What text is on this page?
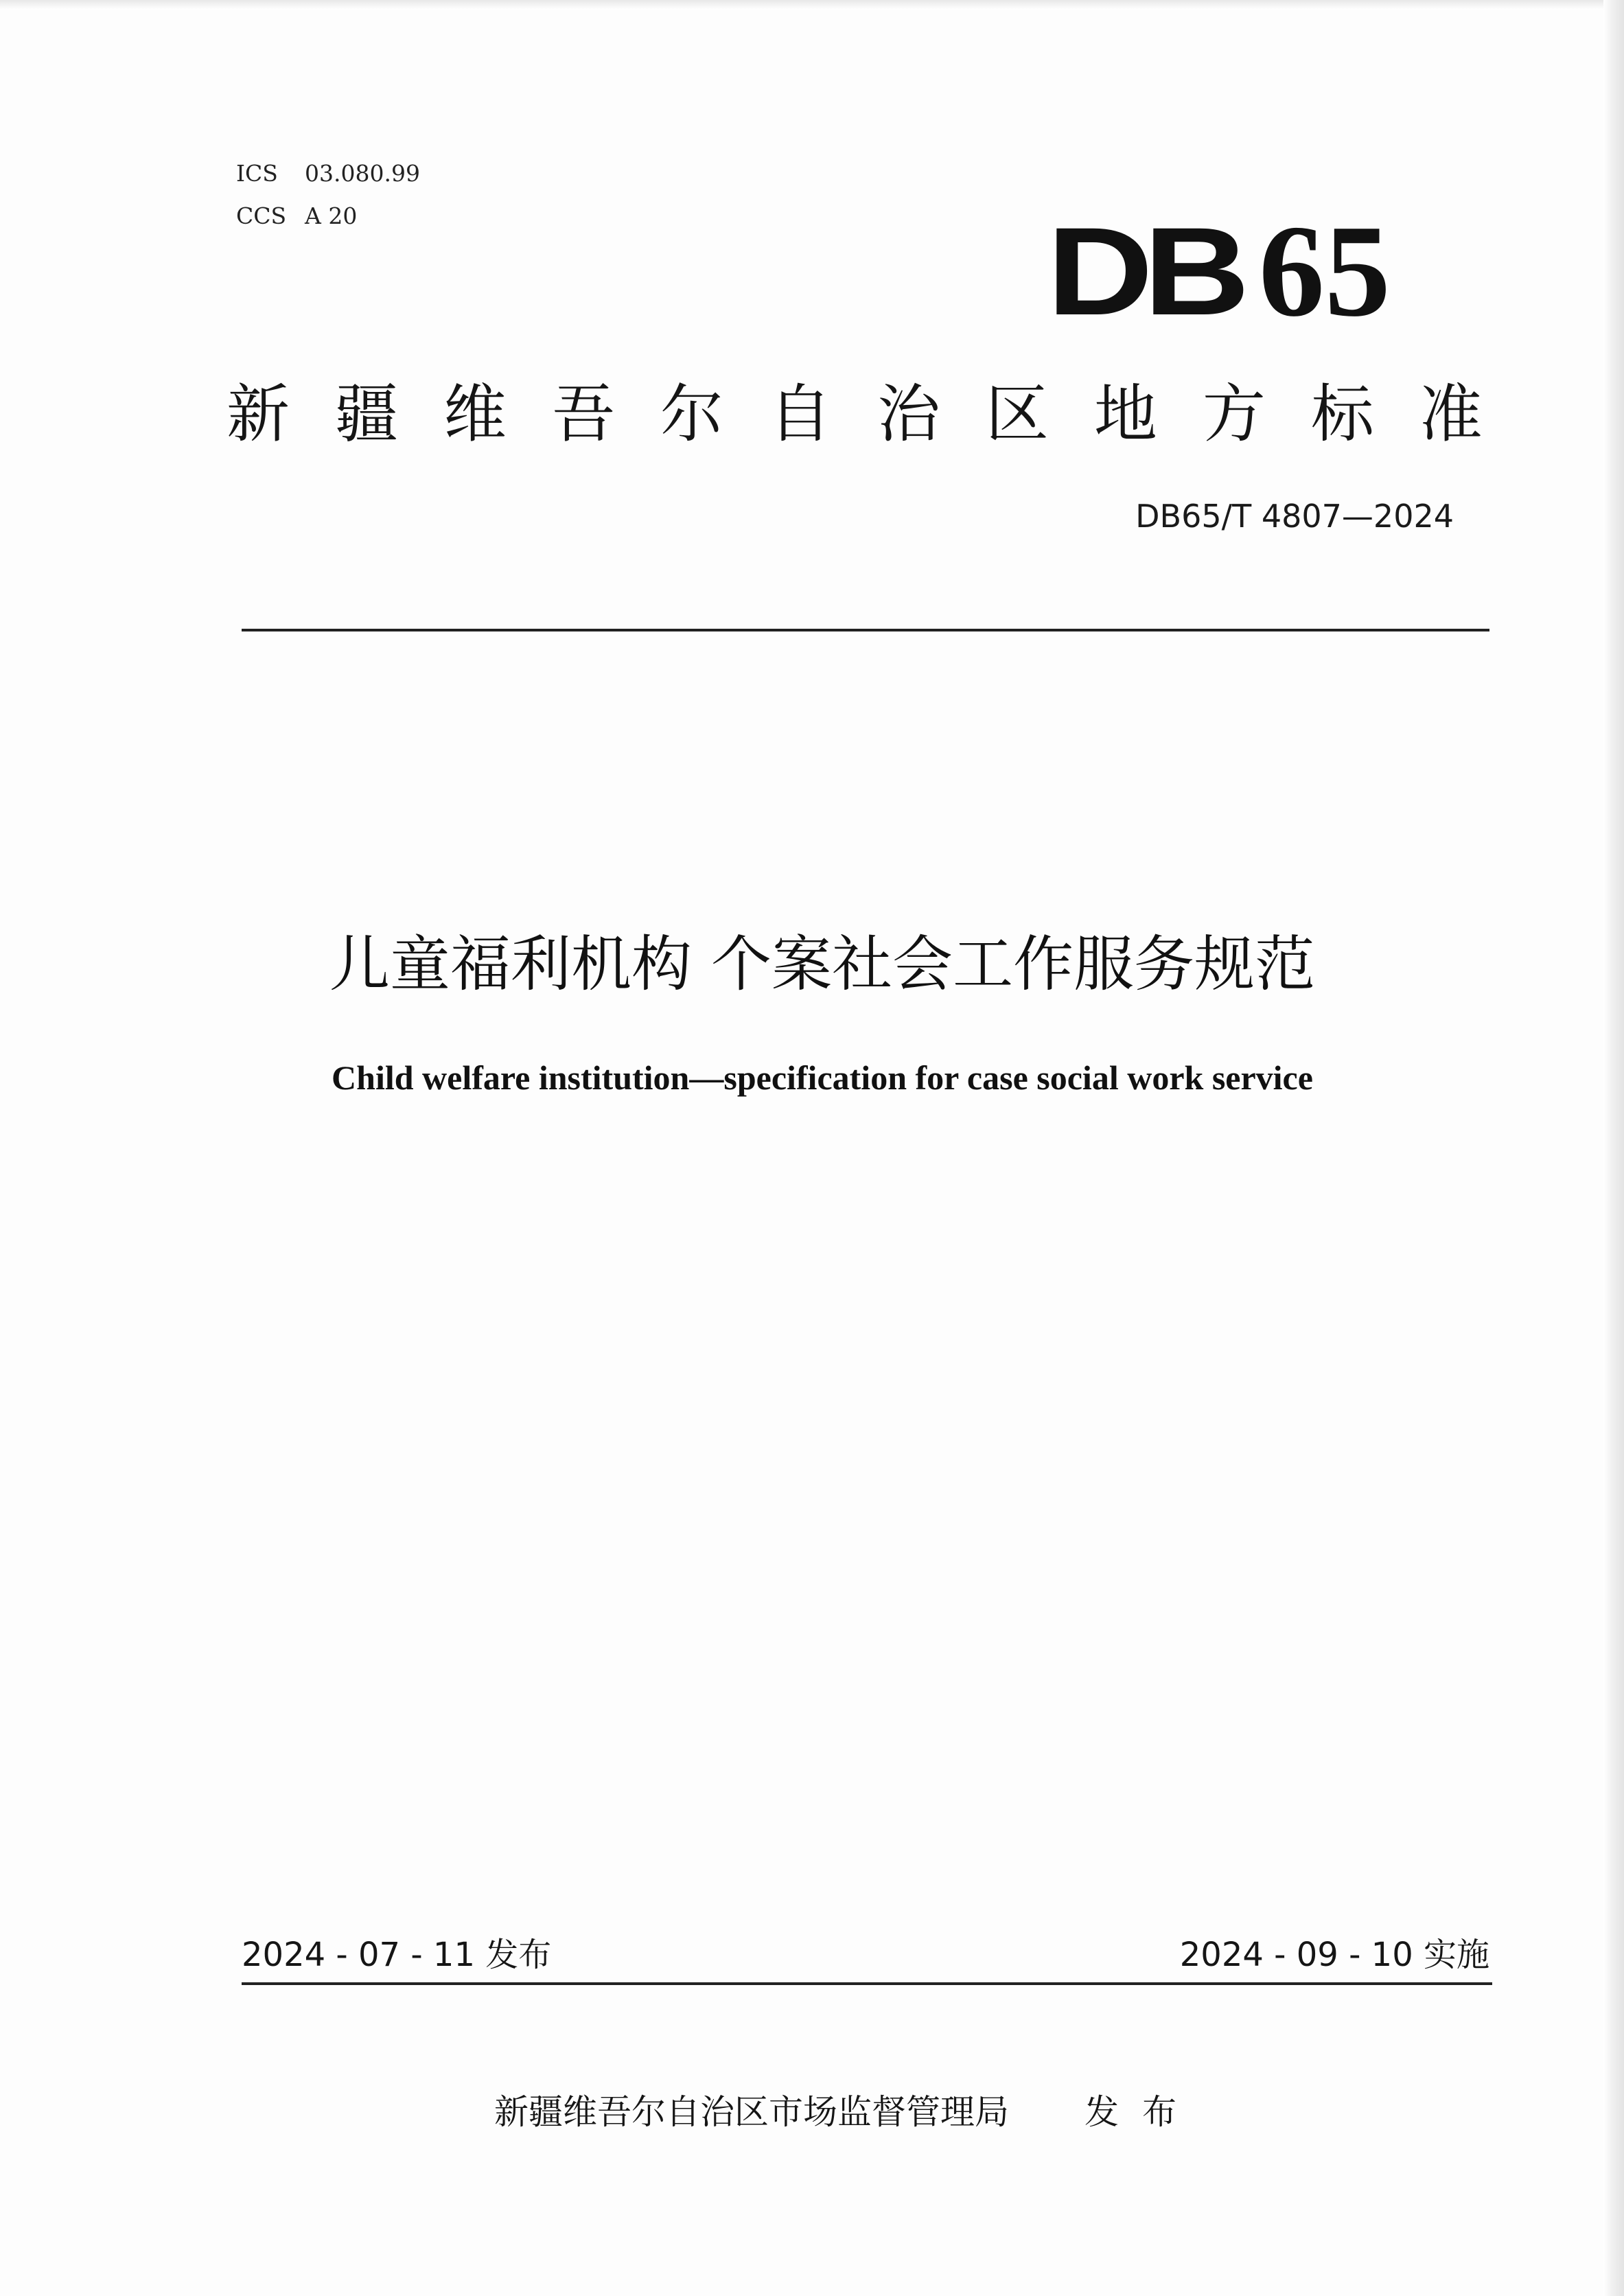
ICS 03.080.99
CCS A 20	DB 65
新 疆 维 吾 尔 自 治 区 地 方 标 准
DB65/T 4807—2024
儿童福利机构 个案社会工作服务规范
Child welfare institution—specification for case social work service
2024 - 07 - 11 发布	2024 - 09 - 10 实施
新疆维吾尔自治区市场监督管理局 发布
